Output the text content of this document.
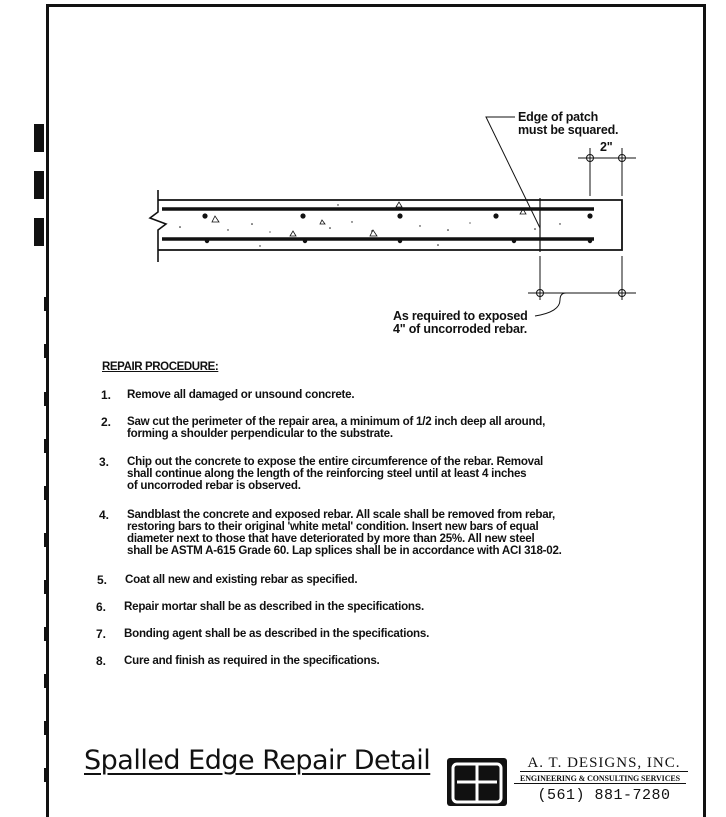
Edge of patch
must be squared.
2"
As required to exposed
4" of uncorroded rebar.
REPAIR PROCEDURE:
1. Remove all damaged or unsound concrete.
2. Saw cut the perimeter of the repair area, a minimum of 1/2 inch deep all around,
forming a shoulder perpendicular to the substrate.
3. Chip out the concrete to expose the entire circumference of the rebar. Removal
shall continue along the length of the reinforcing steel until at least 4 inches
of uncorroded rebar is observed.
4. Sandblast the concrete and exposed rebar. All scale shall be removed from rebar,
restoring bars to their original 'white metal' condition. Insert new bars of equal
diameter next to those that have deteriorated by more than 25%. All new steel
shall be ASTM A-615 Grade 60. Lap splices shall be in accordance with ACI 318-02.
5. Coat all new and existing rebar as specified.
6. Repair mortar shall be as described in the specifications.
7. Bonding agent shall be as described in the specifications.
8. Cure and finish as required in the specifications.
Spalled Edge Repair Detail	A. T. DESIGNS, INC.
ENGINEERING & CONSULTING SERVICES
(561) 881-7280
